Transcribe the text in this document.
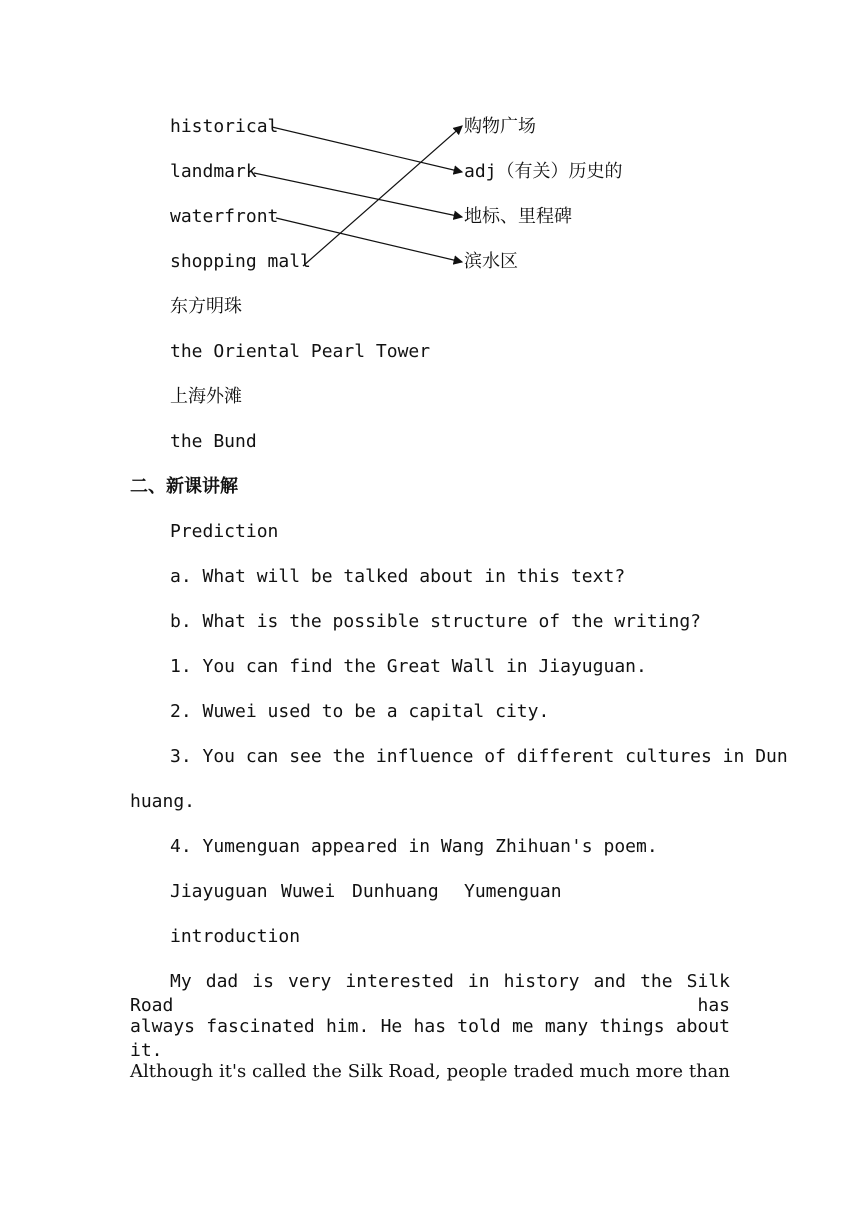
historical
landmark
waterfront
shopping mall
购物广场
adj（有关）历史的
地标、里程碑
滨水区
东方明珠
the Oriental Pearl Tower
上海外滩
the Bund
二、新课讲解
Prediction
a. What will be talked about in this text?
b. What is the possible structure of the writing?
1. You can find the Great Wall in Jiayuguan.
2. Wuwei used to be a capital city.
3. You can see the influence of different cultures in Dun
huang.
4. Yumenguan appeared in Wang Zhihuan's poem.
Jiayuguan Wuwei Dunhuang Yumenguan
introduction
My dad is very interested in history and the Silk Road has
always fascinated him. He has told me many things about it.
Although it's called the Silk Road, people traded much more than
